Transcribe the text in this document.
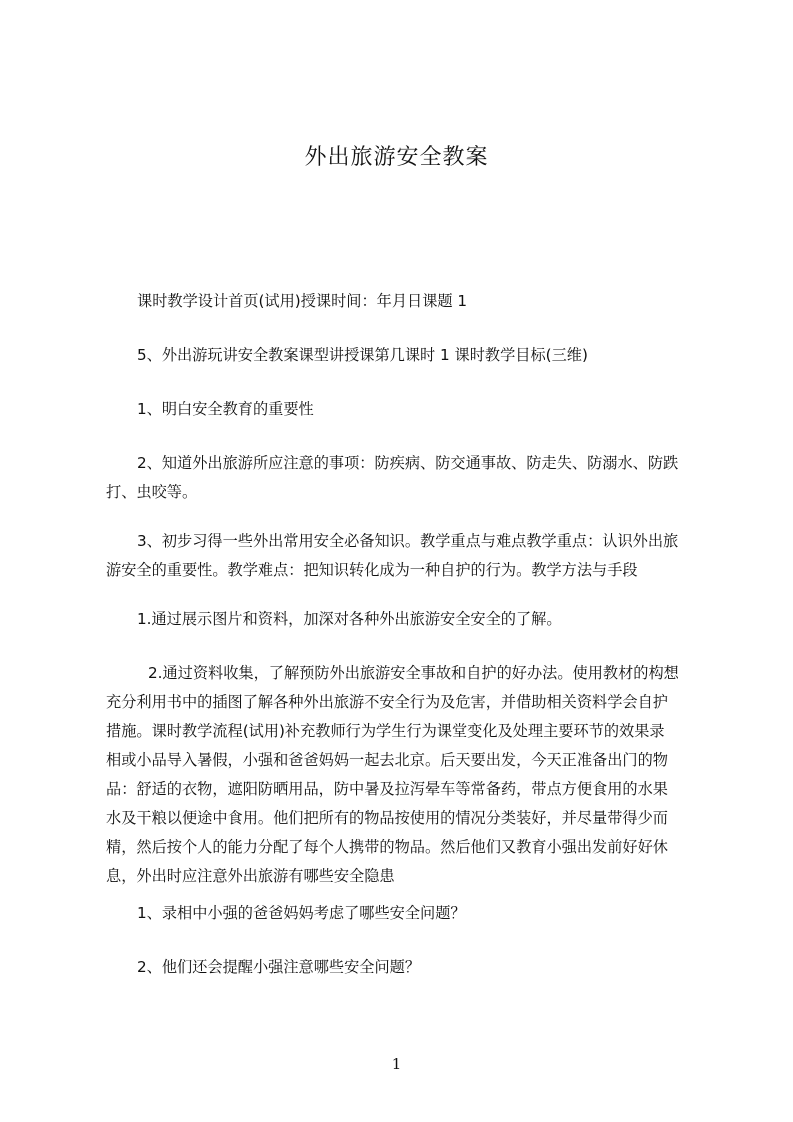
外出旅游安全教案

课时教学设计首页(试用)授课时间：年月日课题 1

5、外出游玩讲安全教案课型讲授课第几课时 1 课时教学目标(三维)

1、明白安全教育的重要性

2、知道外出旅游所应注意的事项：防疾病、防交通事故、防走失、防溺水、防跌
打、虫咬等。
3、初步习得一些外出常用安全必备知识。教学重点与难点教学重点：认识外出旅
游安全的重要性。教学难点：把知识转化成为一种自护的行为。教学方法与手段

1.通过展示图片和资料，加深对各种外出旅游安全安全的了解。

2.通过资料收集，了解预防外出旅游安全事故和自护的好办法。使用教材的构想
充分利用书中的插图了解各种外出旅游不安全行为及危害，并借助相关资料学会自护
措施。课时教学流程(试用)补充教师行为学生行为课堂变化及处理主要环节的效果录
相或小品导入暑假，小强和爸爸妈妈一起去北京。后天要出发，今天正准备出门的物
品：舒适的衣物，遮阳防晒用品，防中暑及拉泻晕车等常备药，带点方便食用的水果
水及干粮以便途中食用。他们把所有的物品按使用的情况分类装好，并尽量带得少而
精，然后按个人的能力分配了每个人携带的物品。然后他们又教育小强出发前好好休
息，外出时应注意外出旅游有哪些安全隐患

1、录相中小强的爸爸妈妈考虑了哪些安全问题？

2、他们还会提醒小强注意哪些安全问题？

1
